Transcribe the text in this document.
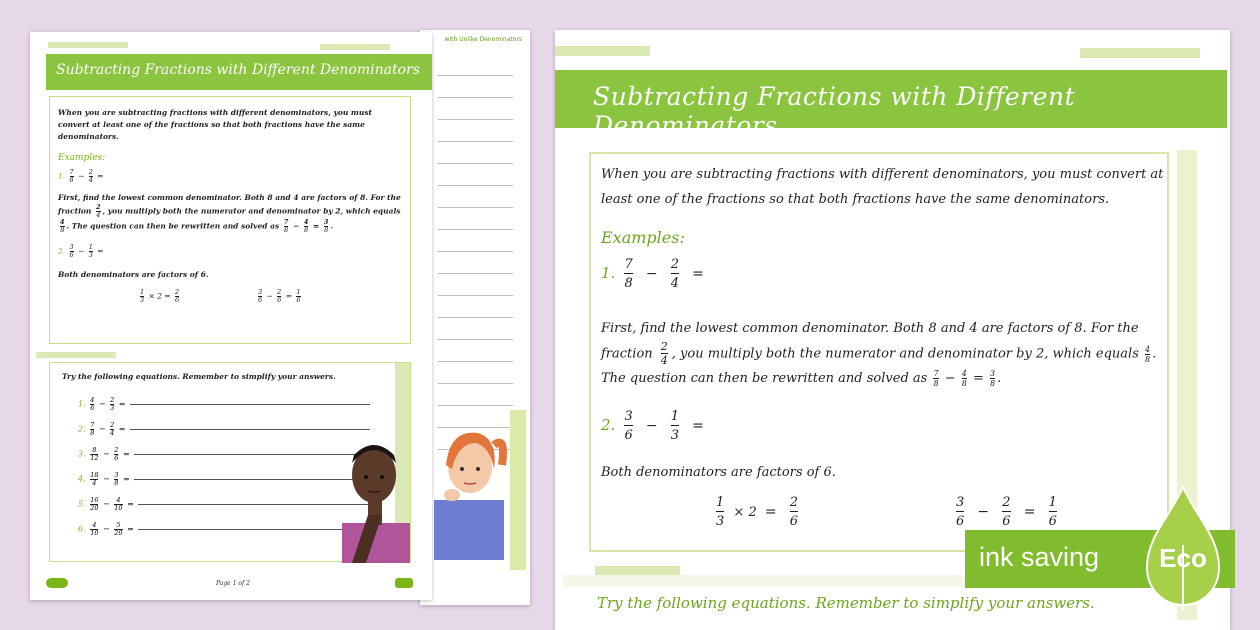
with Unlike Denominators
Subtracting Fractions with Different Denominators
When you are subtracting fractions with different denominators, you must convert at least one of the fractions so that both fractions have the same denominators.
Examples:
1. $\frac{7}{8} - \frac{2}{4}$ =
First, find the lowest common denominator. Both 8 and 4 are factors of 8. For the fraction $\frac{2}{4}$ , you multiply both the numerator and denominator by 2, which equals $\frac{4}{8}$ . The question can then be rewritten and solved as $\frac{7}{8} - \frac{4}{8} = \frac{3}{8}$ .
2. $\frac{3}{6} - \frac{1}{3}$ =
Both denominators are factors of 6.
$\frac{1}{3} \times 2 = \frac{2}{6}$	$\frac{3}{6} - \frac{2}{6} = \frac{1}{6}$
Try the following equations. Remember to simplify your answers.
1. $\frac{4}{6} - \frac{2}{3}$ =
2. $\frac{7}{8} - \frac{2}{4}$ =
3. $\frac{8}{12} - \frac{2}{6}$ =
4. $\frac{18}{4} - \frac{3}{8}$ =
5. $\frac{16}{20} - \frac{4}{10}$ =
6. $\frac{4}{10} - \frac{5}{20}$ =
Page 1 of 2
Subtracting Fractions with Different Denominators
When you are subtracting fractions with different denominators, you must convert at
least one of the fractions so that both fractions have the same denominators.
Examples:
1. $\frac{7}{8} - \frac{2}{4}$ =
First, find the lowest common denominator. Both 8 and 4 are factors of 8. For the
fraction $\frac{2}{4}$ , you multiply both the numerator and denominator by 2, which equals $\frac{4}{8}$ .
The question can then be rewritten and solved as $\frac{7}{8} - \frac{4}{8} = \frac{3}{8}$ .
2. $\frac{3}{6} - \frac{1}{3}$ =
Both denominators are factors of 6.
$\frac{1}{3} \times 2 = \frac{2}{6}$	$\frac{3}{6} - \frac{2}{6} = \frac{1}{6}$
Try the following equations. Remember to simplify your answers.
ink saving	Eco
